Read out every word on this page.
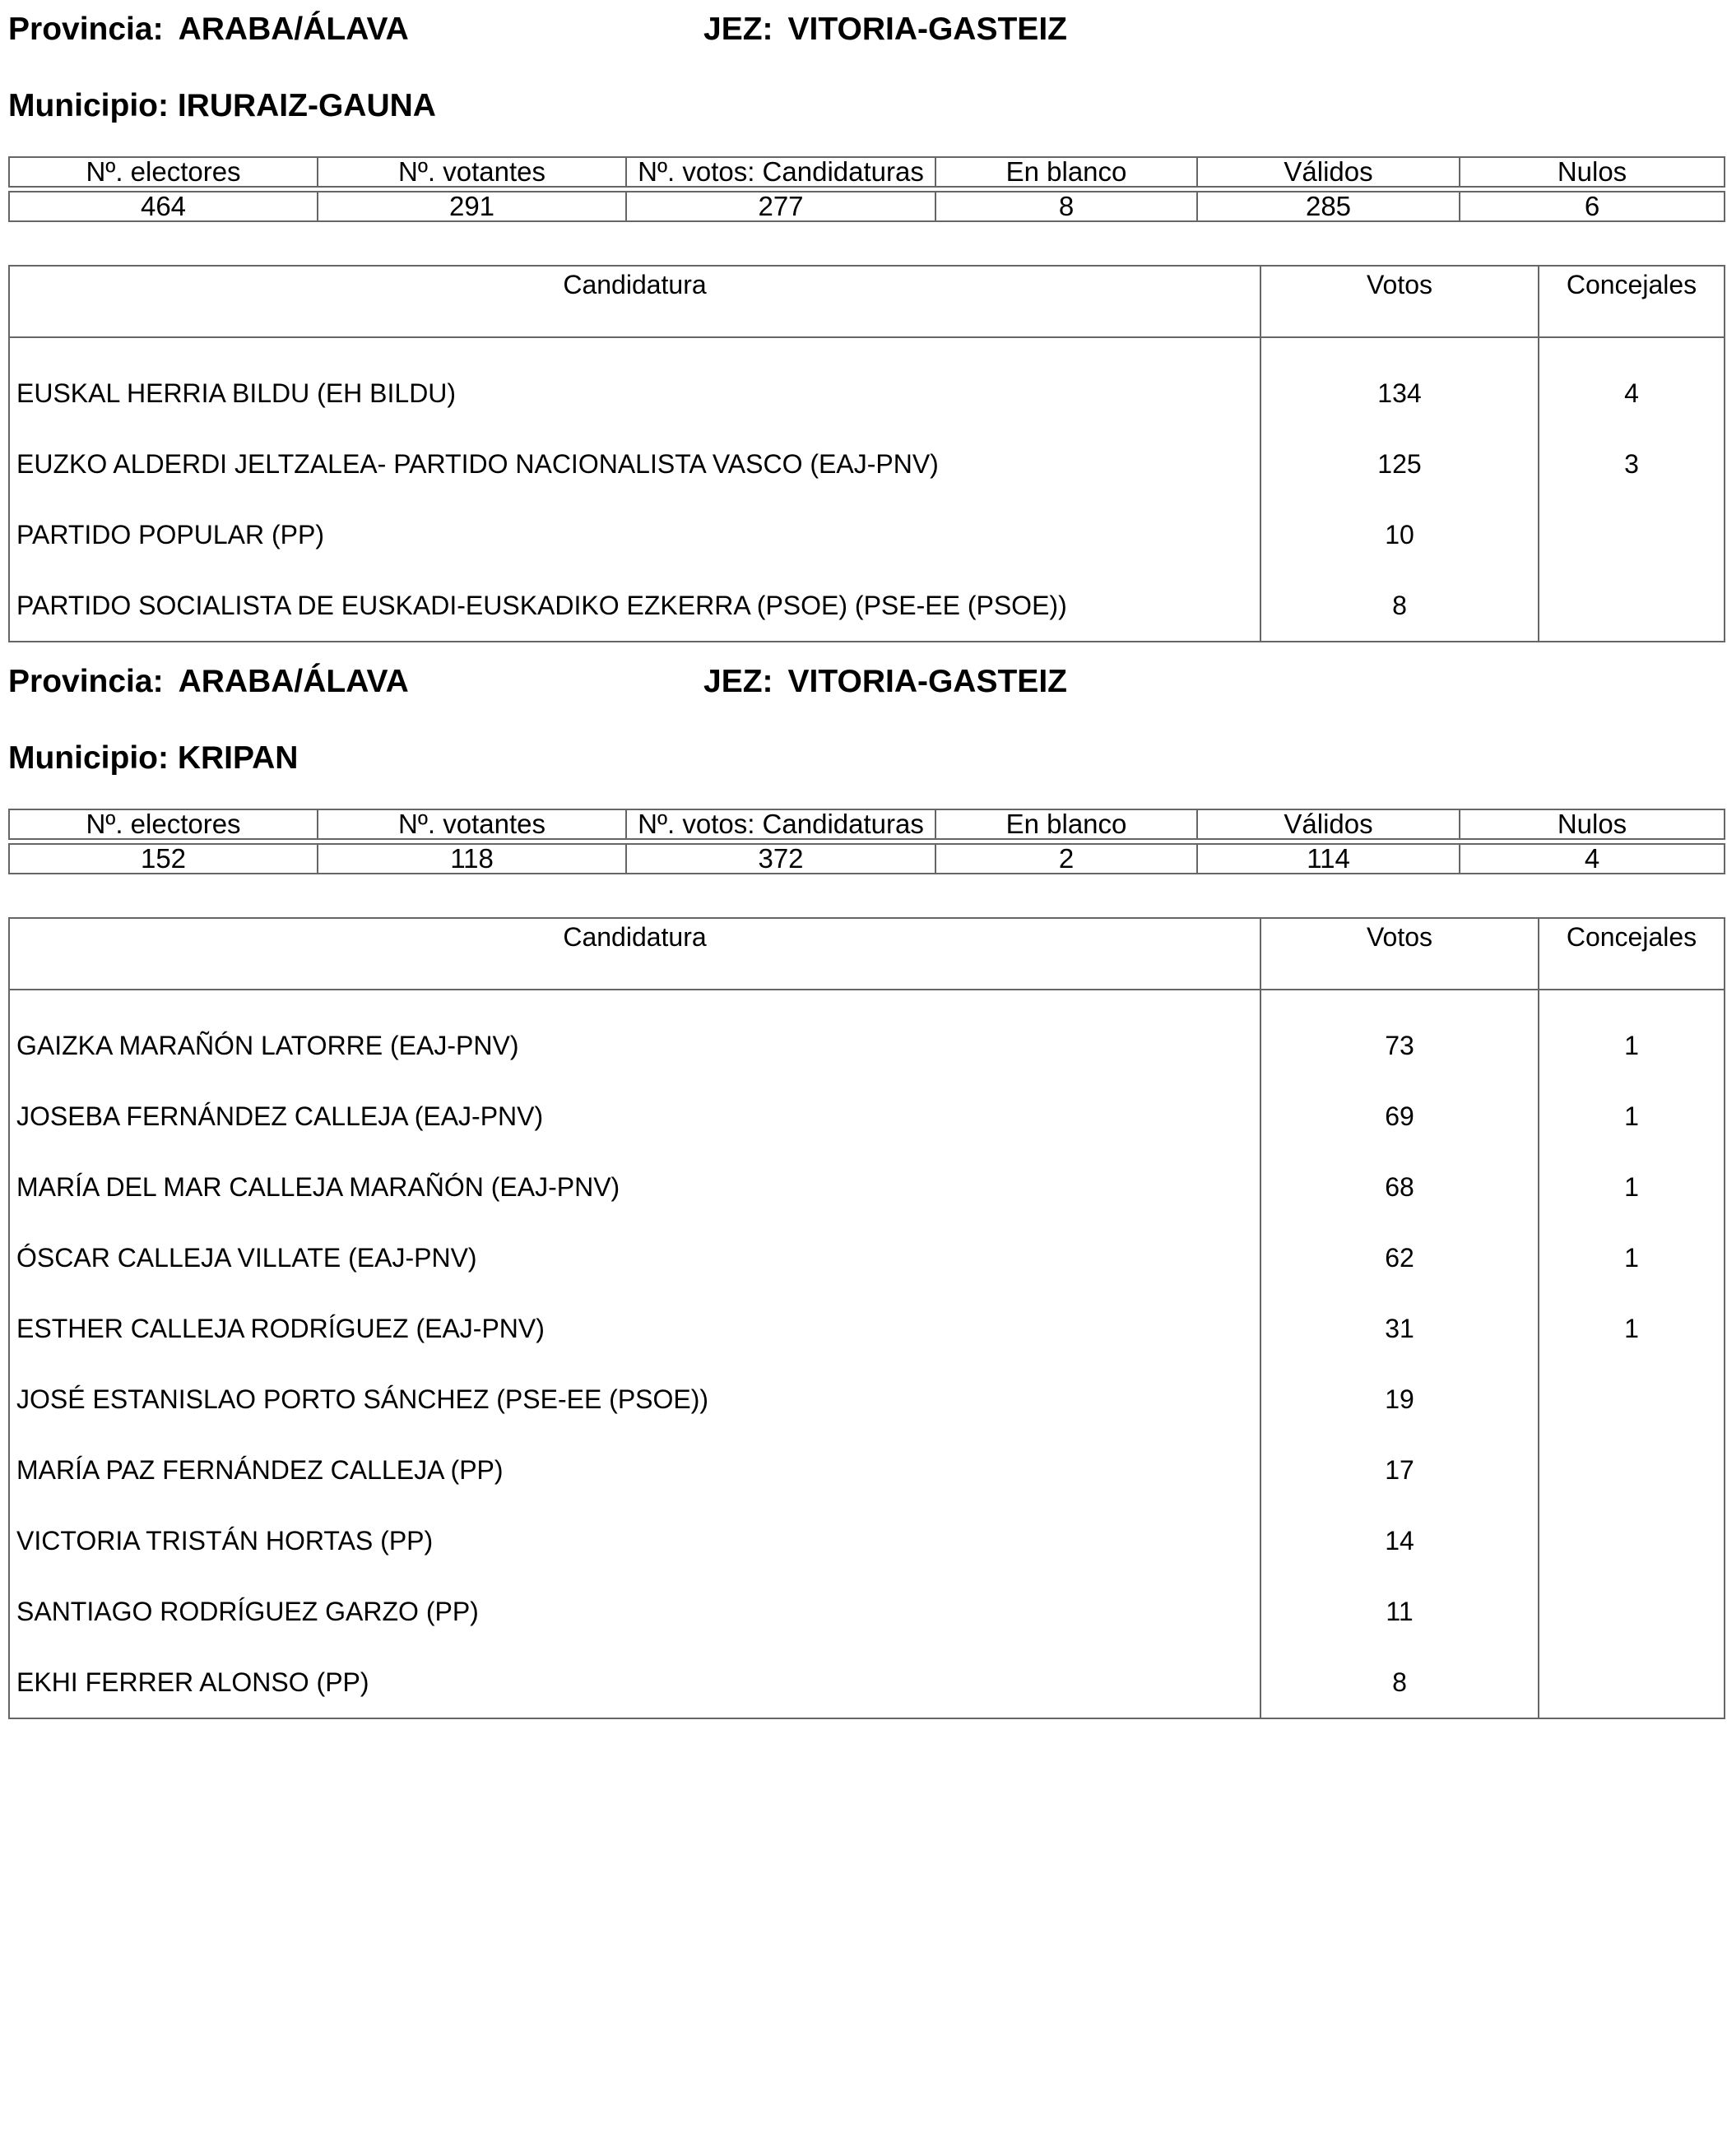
Provincia: ARABA/ÁLAVA	JEZ: VITORIA-GASTEIZ
Municipio: IRURAIZ-GAUNA
Nº. electores	Nº. votantes	Nº. votos: Candidaturas	En blanco	Válidos	Nulos

464	291	277	8	285	6
Candidatura	Votos	Concejales

EUSKAL HERRIA BILDU (EH BILDU)	134	4
EUZKO ALDERDI JELTZALEA- PARTIDO NACIONALISTA VASCO (EAJ-PNV)	125	3
PARTIDO POPULAR (PP)	10	
PARTIDO SOCIALISTA DE EUSKADI-EUSKADIKO EZKERRA (PSOE) (PSE-EE (PSOE))	8	
Provincia: ARABA/ÁLAVA	JEZ: VITORIA-GASTEIZ
Municipio: KRIPAN
Nº. electores	Nº. votantes	Nº. votos: Candidaturas	En blanco	Válidos	Nulos

152	118	372	2	114	4
Candidatura	Votos	Concejales

GAIZKA MARAÑÓN LATORRE (EAJ-PNV)	73	1
JOSEBA FERNÁNDEZ CALLEJA (EAJ-PNV)	69	1
MARÍA DEL MAR CALLEJA MARAÑÓN (EAJ-PNV)	68	1
ÓSCAR CALLEJA VILLATE (EAJ-PNV)	62	1
ESTHER CALLEJA RODRÍGUEZ (EAJ-PNV)	31	1
JOSÉ ESTANISLAO PORTO SÁNCHEZ (PSE-EE (PSOE))	19	
MARÍA PAZ FERNÁNDEZ CALLEJA (PP)	17	
VICTORIA TRISTÁN HORTAS (PP)	14	
SANTIAGO RODRÍGUEZ GARZO (PP)	11	
EKHI FERRER ALONSO (PP)	8	
